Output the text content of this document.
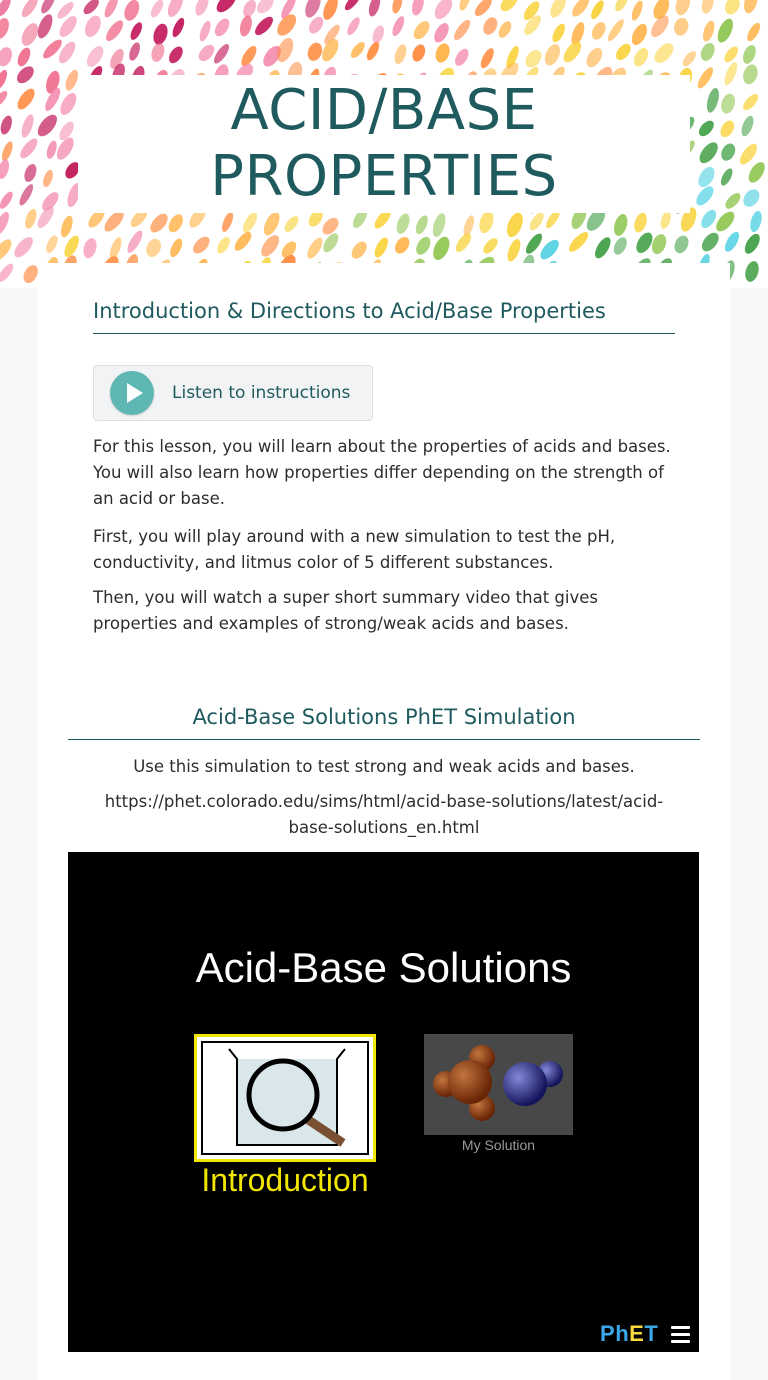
ACID/BASE
PROPERTIES
Introduction & Directions to Acid/Base Properties
Listen to instructions

For this lesson, you will learn about the properties of acids and bases. You will also learn how properties differ depending on the strength of an acid or base.

First, you will play around with a new simulation to test the pH, conductivity, and litmus color of 5 different substances.

Then, you will watch a super short summary video that gives properties and examples of strong/weak acids and bases.

Acid-Base Solutions PhET Simulation
Use this simulation to test strong and weak acids and bases.
https://phet.colorado.edu/sims/html/acid-base-solutions/latest/acid-
base-solutions_en.html
Acid-Base Solutions
Introduction
My Solution
PhET
